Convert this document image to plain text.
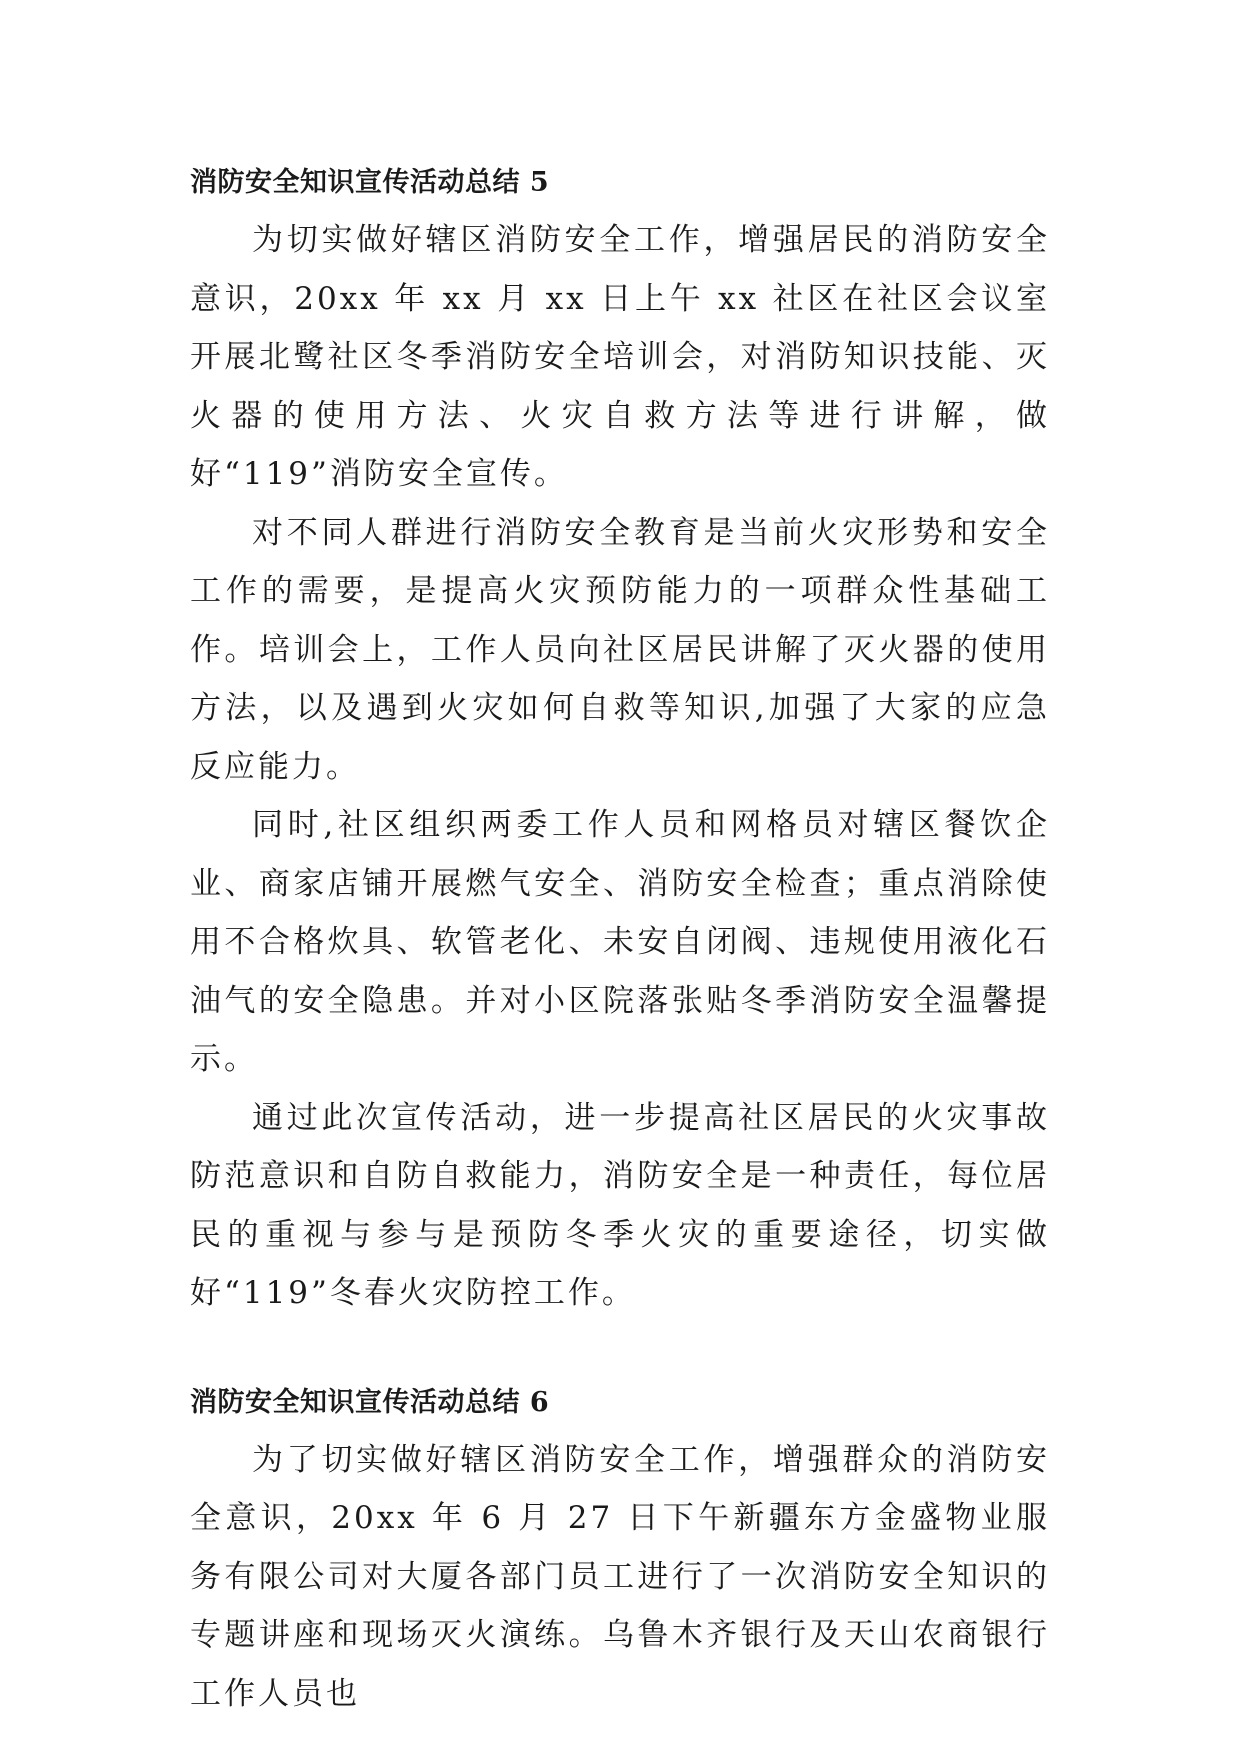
消防安全知识宣传活动总结 5

为切实做好辖区消防安全工作，增强居民的消防安全意识，20xx 年 xx 月 xx 日上午 xx 社区在社区会议室开展北鹭社区冬季消防安全培训会，对消防知识技能、灭火器的使用方法、火灾自救方法等进行讲解，做好“119”消防安全宣传。

对不同人群进行消防安全教育是当前火灾形势和安全工作的需要，是提高火灾预防能力的一项群众性基础工作。培训会上，工作人员向社区居民讲解了灭火器的使用方法，以及遇到火灾如何自救等知识,加强了大家的应急反应能力。

同时,社区组织两委工作人员和网格员对辖区餐饮企业、商家店铺开展燃气安全、消防安全检查；重点消除使用不合格炊具、软管老化、未安自闭阀、违规使用液化石油气的安全隐患。并对小区院落张贴冬季消防安全温馨提示。

通过此次宣传活动，进一步提高社区居民的火灾事故防范意识和自防自救能力，消防安全是一种责任，每位居民的重视与参与是预防冬季火灾的重要途径，切实做好“119”冬春火灾防控工作。

消防安全知识宣传活动总结 6

为了切实做好辖区消防安全工作，增强群众的消防安全意识，20xx 年 6 月 27 日下午新疆东方金盛物业服务有限公司对大厦各部门员工进行了一次消防安全知识的专题讲座和现场灭火演练。乌鲁木齐银行及天山农商银行工作人员也
